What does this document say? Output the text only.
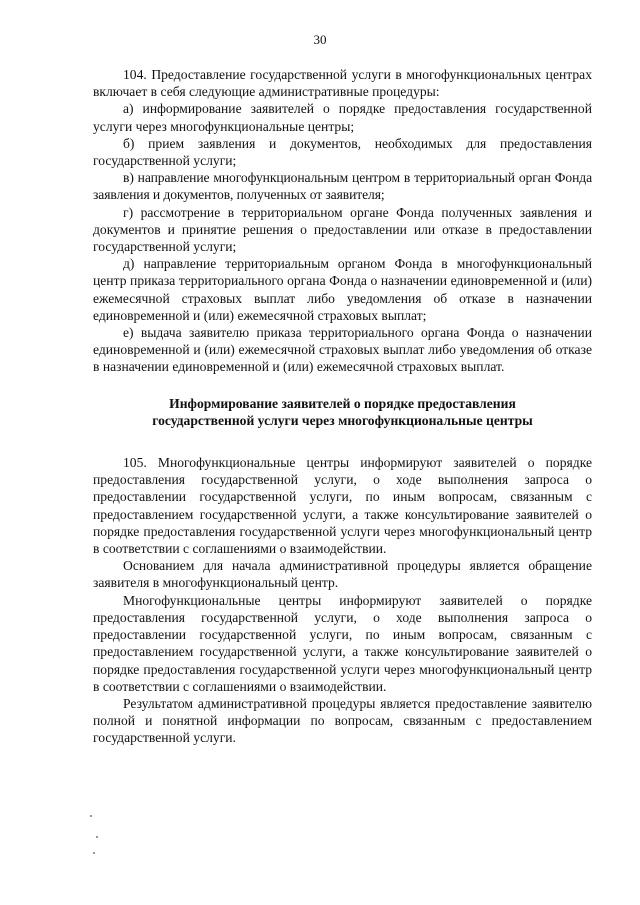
30

104. Предоставление государственной услуги в многофункциональных центрах включает в себя следующие административные процедуры:

а) информирование заявителей о порядке предоставления государственной услуги через многофункциональные центры;

б) прием заявления и документов, необходимых для предоставления государственной услуги;

в) направление многофункциональным центром в территориальный орган Фонда заявления и документов, полученных от заявителя;

г) рассмотрение в территориальном органе Фонда полученных заявления и документов и принятие решения о предоставлении или отказе в предоставлении государственной услуги;

д) направление территориальным органом Фонда в многофункциональный центр приказа территориального органа Фонда о назначении единовременной и (или) ежемесячной страховых выплат либо уведомления об отказе в назначении единовременной и (или) ежемесячной страховых выплат;

е) выдача заявителю приказа территориального органа Фонда о назначении единовременной и (или) ежемесячной страховых выплат либо уведомления об отказе в назначении единовременной и (или) ежемесячной страховых выплат.

Информирование заявителей о порядке предоставления
государственной услуги через многофункциональные центры

105. Многофункциональные центры информируют заявителей о порядке предоставления государственной услуги, о ходе выполнения запроса о предоставлении государственной услуги, по иным вопросам, связанным с предоставлением государственной услуги, а также консультирование заявителей о порядке предоставления государственной услуги через многофункциональный центр в соответствии с соглашениями о взаимодействии.

Основанием для начала административной процедуры является обращение заявителя в многофункциональный центр.

Многофункциональные центры информируют заявителей о порядке предоставления государственной услуги, о ходе выполнения запроса о предоставлении государственной услуги, по иным вопросам, связанным с предоставлением государственной услуги, а также консультирование заявителей о порядке предоставления государственной услуги через многофункциональный центр в соответствии с соглашениями о взаимодействии.

Результатом административной процедуры является предоставление заявителю полной и понятной информации по вопросам, связанным с предоставлением государственной услуги.
